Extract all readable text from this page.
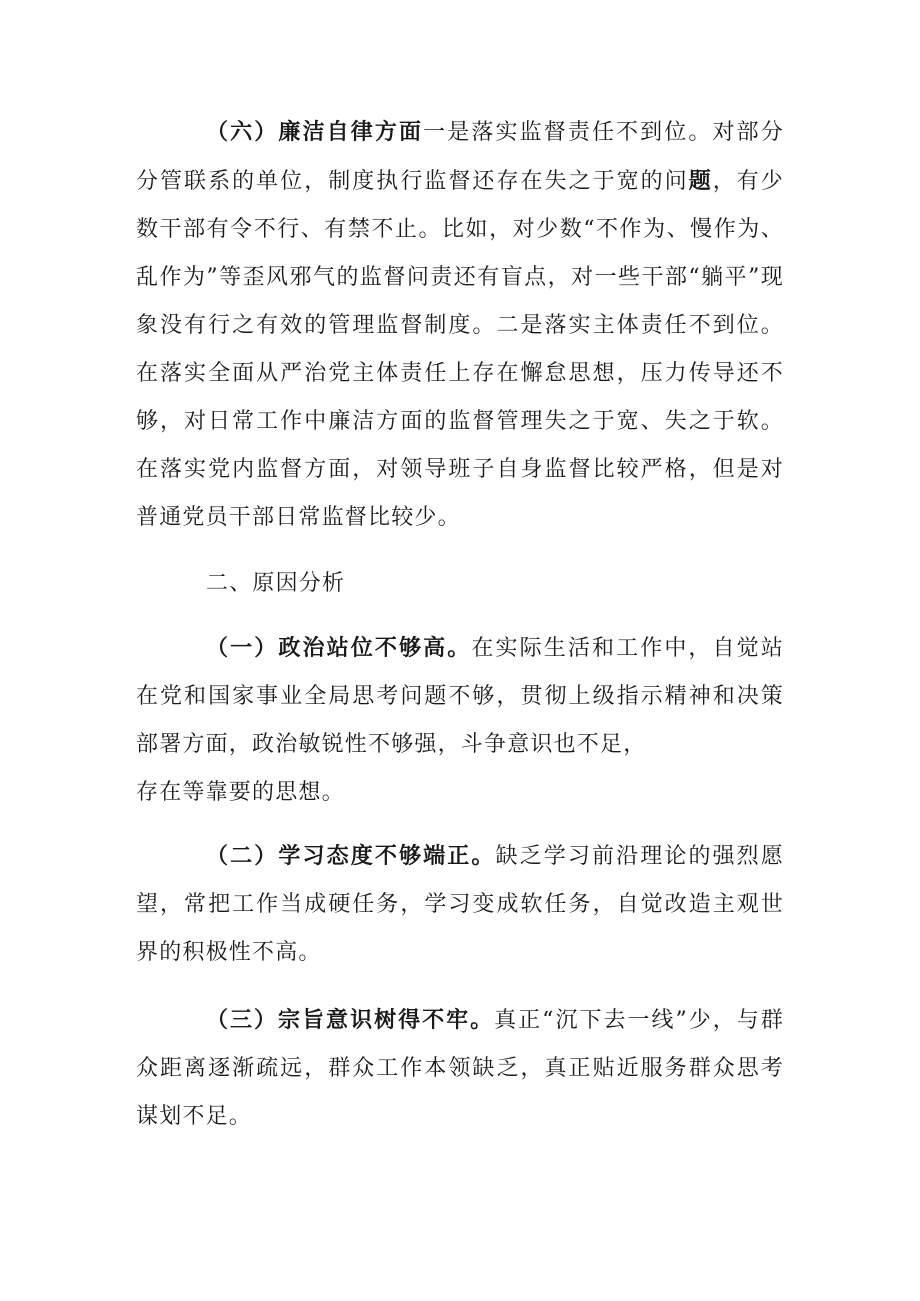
（六）廉洁自律方面一是落实监督责任不到位。对部分分管联系的单位，制度执行监督还存在失之于宽的问题，有少数干部有令不行、有禁不止。比如，对少数“不作为、慢作为、乱作为”等歪风邪气的监督问责还有盲点，对一些干部“躺平”现象没有行之有效的管理监督制度。二是落实主体责任不到位。在落实全面从严治党主体责任上存在懈怠思想，压力传导还不够，对日常工作中廉洁方面的监督管理失之于宽、失之于软。在落实党内监督方面，对领导班子自身监督比较严格，但是对普通党员干部日常监督比较少。

二、原因分析

（一）政治站位不够高。在实际生活和工作中，自觉站在党和国家事业全局思考问题不够，贯彻上级指示精神和决策部署方面，政治敏锐性不够强，斗争意识也不足，
存在等靠要的思想。

（二）学习态度不够端正。缺乏学习前沿理论的强烈愿望，常把工作当成硬任务，学习变成软任务，自觉改造主观世界的积极性不高。

（三）宗旨意识树得不牢。真正“沉下去一线”少，与群众距离逐渐疏远，群众工作本领缺乏，真正贴近服务群众思考谋划不足。
